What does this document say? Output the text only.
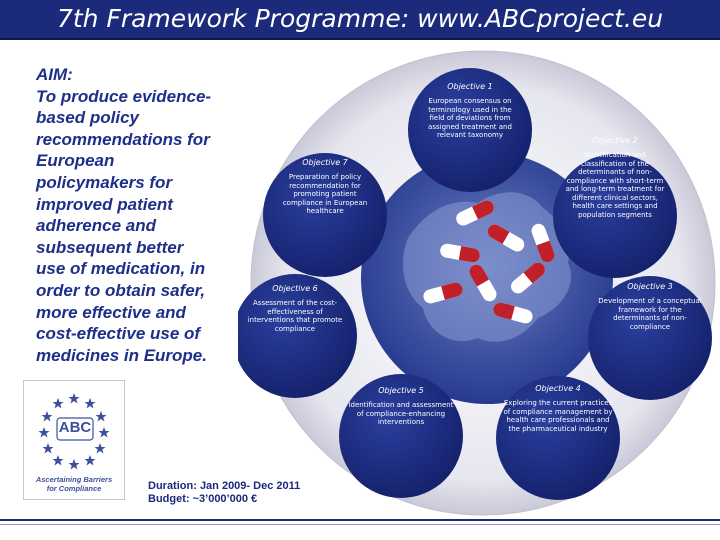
7th Framework Programme: www.ABCproject.eu
AIM:
To produce evidence-
based policy
recommendations for
European
policymakers for
improved patient
adherence and
subsequent better
use of medication, in
order to obtain safer,
more effective and
cost-effective use of
medicines in Europe.
ABC
Ascertaining Barriers
for Compliance	Duration: Jan 2009- Dec 2011
Budget: ~3’000’000 €
Objective 1
European consensus on terminology used in the field of deviations from assigned treatment and relevant taxonomy
Objective 2
Identification and classification of the determinants of non-compliance with short-term and long-term treatment for different clinical sectors, health care settings and population segments
Objective 3
Development of a conceptual framework for the determinants of non-compliance
Objective 4
Exploring the current practices of compliance management by health care professionals and the pharmaceutical industry
Objective 5
Identification and assessment of compliance-enhancing interventions
Objective 6
Assessment of the cost-effectiveness of interventions that promote compliance
Objective 7
Preparation of policy recommendation for promoting patient compliance in European healthcare
